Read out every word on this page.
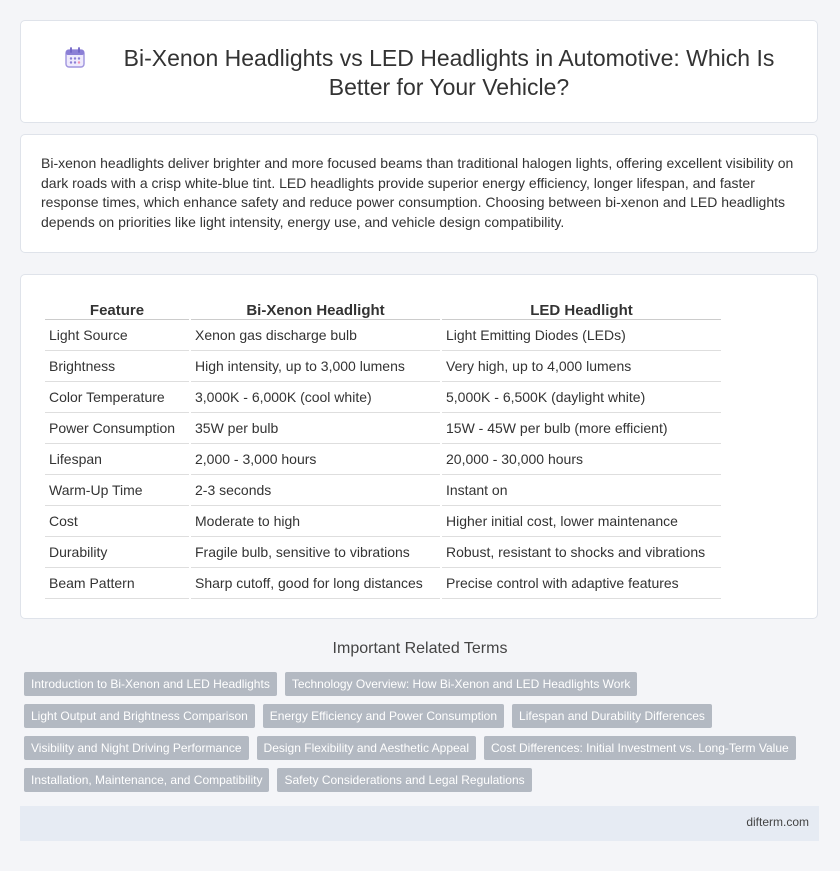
Bi-Xenon Headlights vs LED Headlights in Automotive: Which Is Better for Your Vehicle?

Bi-xenon headlights deliver brighter and more focused beams than traditional halogen lights, offering excellent visibility on dark roads with a crisp white-blue tint. LED headlights provide superior energy efficiency, longer lifespan, and faster response times, which enhance safety and reduce power consumption. Choosing between bi-xenon and LED headlights depends on priorities like light intensity, energy use, and vehicle design compatibility.

Feature	Bi-Xenon Headlight	LED Headlight
Light Source	Xenon gas discharge bulb	Light Emitting Diodes (LEDs)
Brightness	High intensity, up to 3,000 lumens	Very high, up to 4,000 lumens
Color Temperature	3,000K - 6,000K (cool white)	5,000K - 6,500K (daylight white)
Power Consumption	35W per bulb	15W - 45W per bulb (more efficient)
Lifespan	2,000 - 3,000 hours	20,000 - 30,000 hours
Warm-Up Time	2-3 seconds	Instant on
Cost	Moderate to high	Higher initial cost, lower maintenance
Durability	Fragile bulb, sensitive to vibrations	Robust, resistant to shocks and vibrations
Beam Pattern	Sharp cutoff, good for long distances	Precise control with adaptive features
Important Related Terms
Introduction to Bi-Xenon and LED Headlights	Technology Overview: How Bi-Xenon and LED Headlights Work
Light Output and Brightness Comparison	Energy Efficiency and Power Consumption	Lifespan and Durability Differences
Visibility and Night Driving Performance	Design Flexibility and Aesthetic Appeal	Cost Differences: Initial Investment vs. Long-Term Value
Installation, Maintenance, and Compatibility	Safety Considerations and Legal Regulations
difterm.com
